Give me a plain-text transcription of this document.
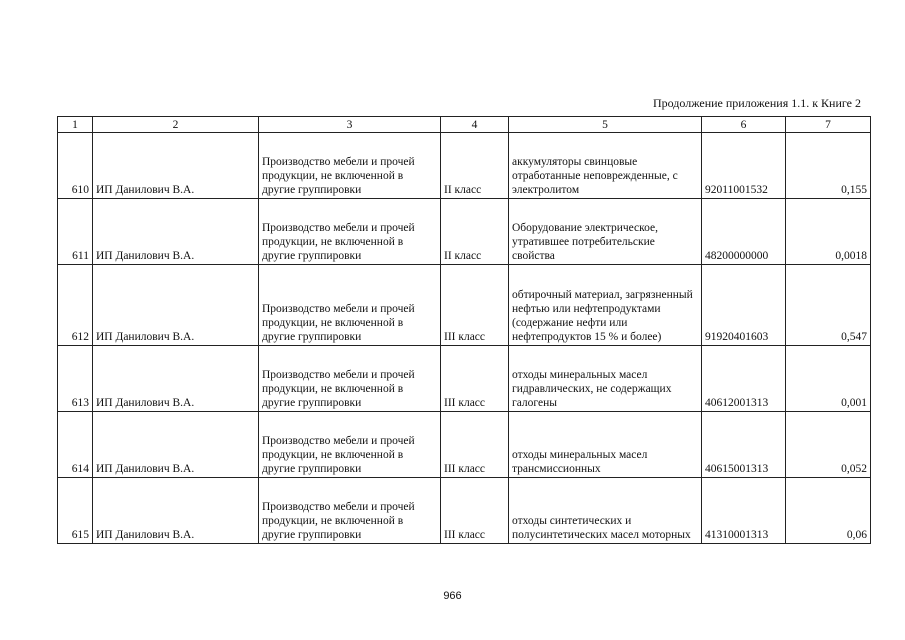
Продолжение приложения 1.1. к Книге 2
1	2	3	4	5	6	7
610	ИП Данилович В.А.	Производство мебели и прочей продукции, не включенной в другие группировки	II класс	аккумуляторы свинцовые отработанные неповрежденные, с электролитом	92011001532	0,155
611	ИП Данилович В.А.	Производство мебели и прочей продукции, не включенной в другие группировки	II класс	Оборудование электрическое, утратившее потребительские свойства	48200000000	0,0018
612	ИП Данилович В.А.	Производство мебели и прочей продукции, не включенной в другие группировки	III класс	обтирочный материал, загрязненный нефтью или нефтепродуктами (содержание нефти или нефтепродуктов 15 % и более)	91920401603	0,547
613	ИП Данилович В.А.	Производство мебели и прочей продукции, не включенной в другие группировки	III класс	отходы минеральных масел гидравлических, не содержащих галогены	40612001313	0,001
614	ИП Данилович В.А.	Производство мебели и прочей продукции, не включенной в другие группировки	III класс	отходы минеральных масел трансмиссионных	40615001313	0,052
615	ИП Данилович В.А.	Производство мебели и прочей продукции, не включенной в другие группировки	III класс	отходы синтетических и полусинтетических масел моторных	41310001313	0,06
966
